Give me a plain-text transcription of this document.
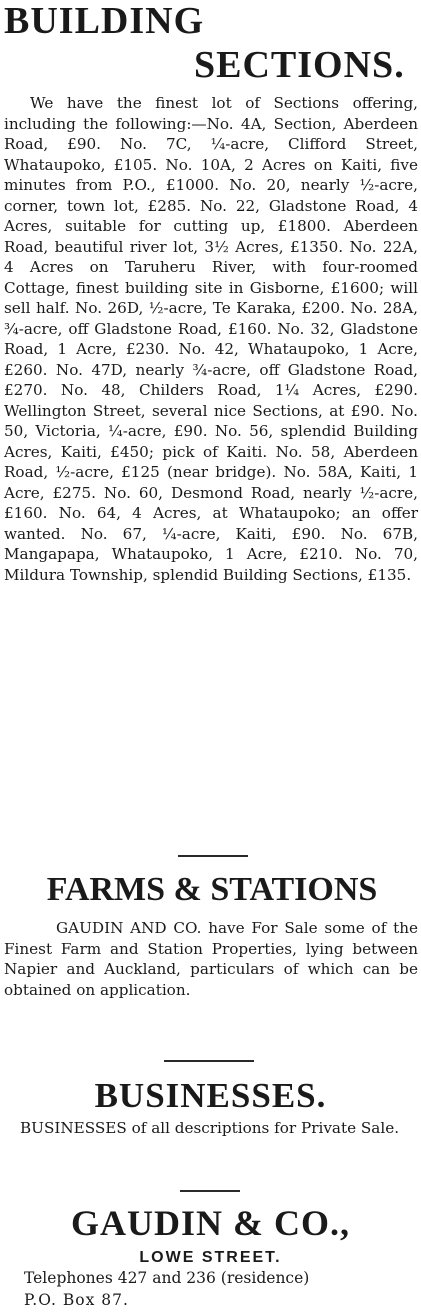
BUILDING
SECTIONS.

We have the finest lot of Sections offering, including the following:—No. 4A, Section, Aberdeen Road, £90. No. 7C, ¼-acre, Clifford Street, Whataupoko, £105. No. 10A, 2 Acres on Kaiti, five minutes from P.O., £1000. No. 20, nearly ½-acre, corner, town lot, £285. No. 22, Gladstone Road, 4 Acres, suitable for cutting up, £1800. Aberdeen Road, beautiful river lot, 3½ Acres, £1350. No. 22A, 4 Acres on Taruheru River, with four-roomed Cottage, finest building site in Gisborne, £1600; will sell half. No. 26D, ½-acre, Te Karaka, £200. No. 28A, ¾-acre, off Gladstone Road, £160. No. 32, Gladstone Road, 1 Acre, £230. No. 42, Whataupoko, 1 Acre, £260. No. 47D, nearly ¾-acre, off Gladstone Road, £270. No. 48, Childers Road, 1¼ Acres, £290. Wellington Street, several nice Sections, at £90. No. 50, Victoria, ¼-acre, £90. No. 56, splendid Building Acres, Kaiti, £450; pick of Kaiti. No. 58, Aberdeen Road, ½-acre, £125 (near bridge). No. 58A, Kaiti, 1 Acre, £275. No. 60, Desmond Road, nearly ½-acre, £160. No. 64, 4 Acres, at Whataupoko; an offer wanted. No. 67, ¼-acre, Kaiti, £90. No. 67B, Mangapapa, Whataupoko, 1 Acre, £210. No. 70, Mildura Township, splendid Building Sections, £135.

FARMS & STATIONS

GAUDIN AND CO. have For Sale some of the Finest Farm and Station Properties, lying between Napier and Auckland, particulars of which can be obtained on application.

BUSINESSES.

BUSINESSES of all descriptions for Private Sale.

GAUDIN & CO.,
LOWE STREET.
Telephones 427 and 236 (residence)
P.O. Box 87.
